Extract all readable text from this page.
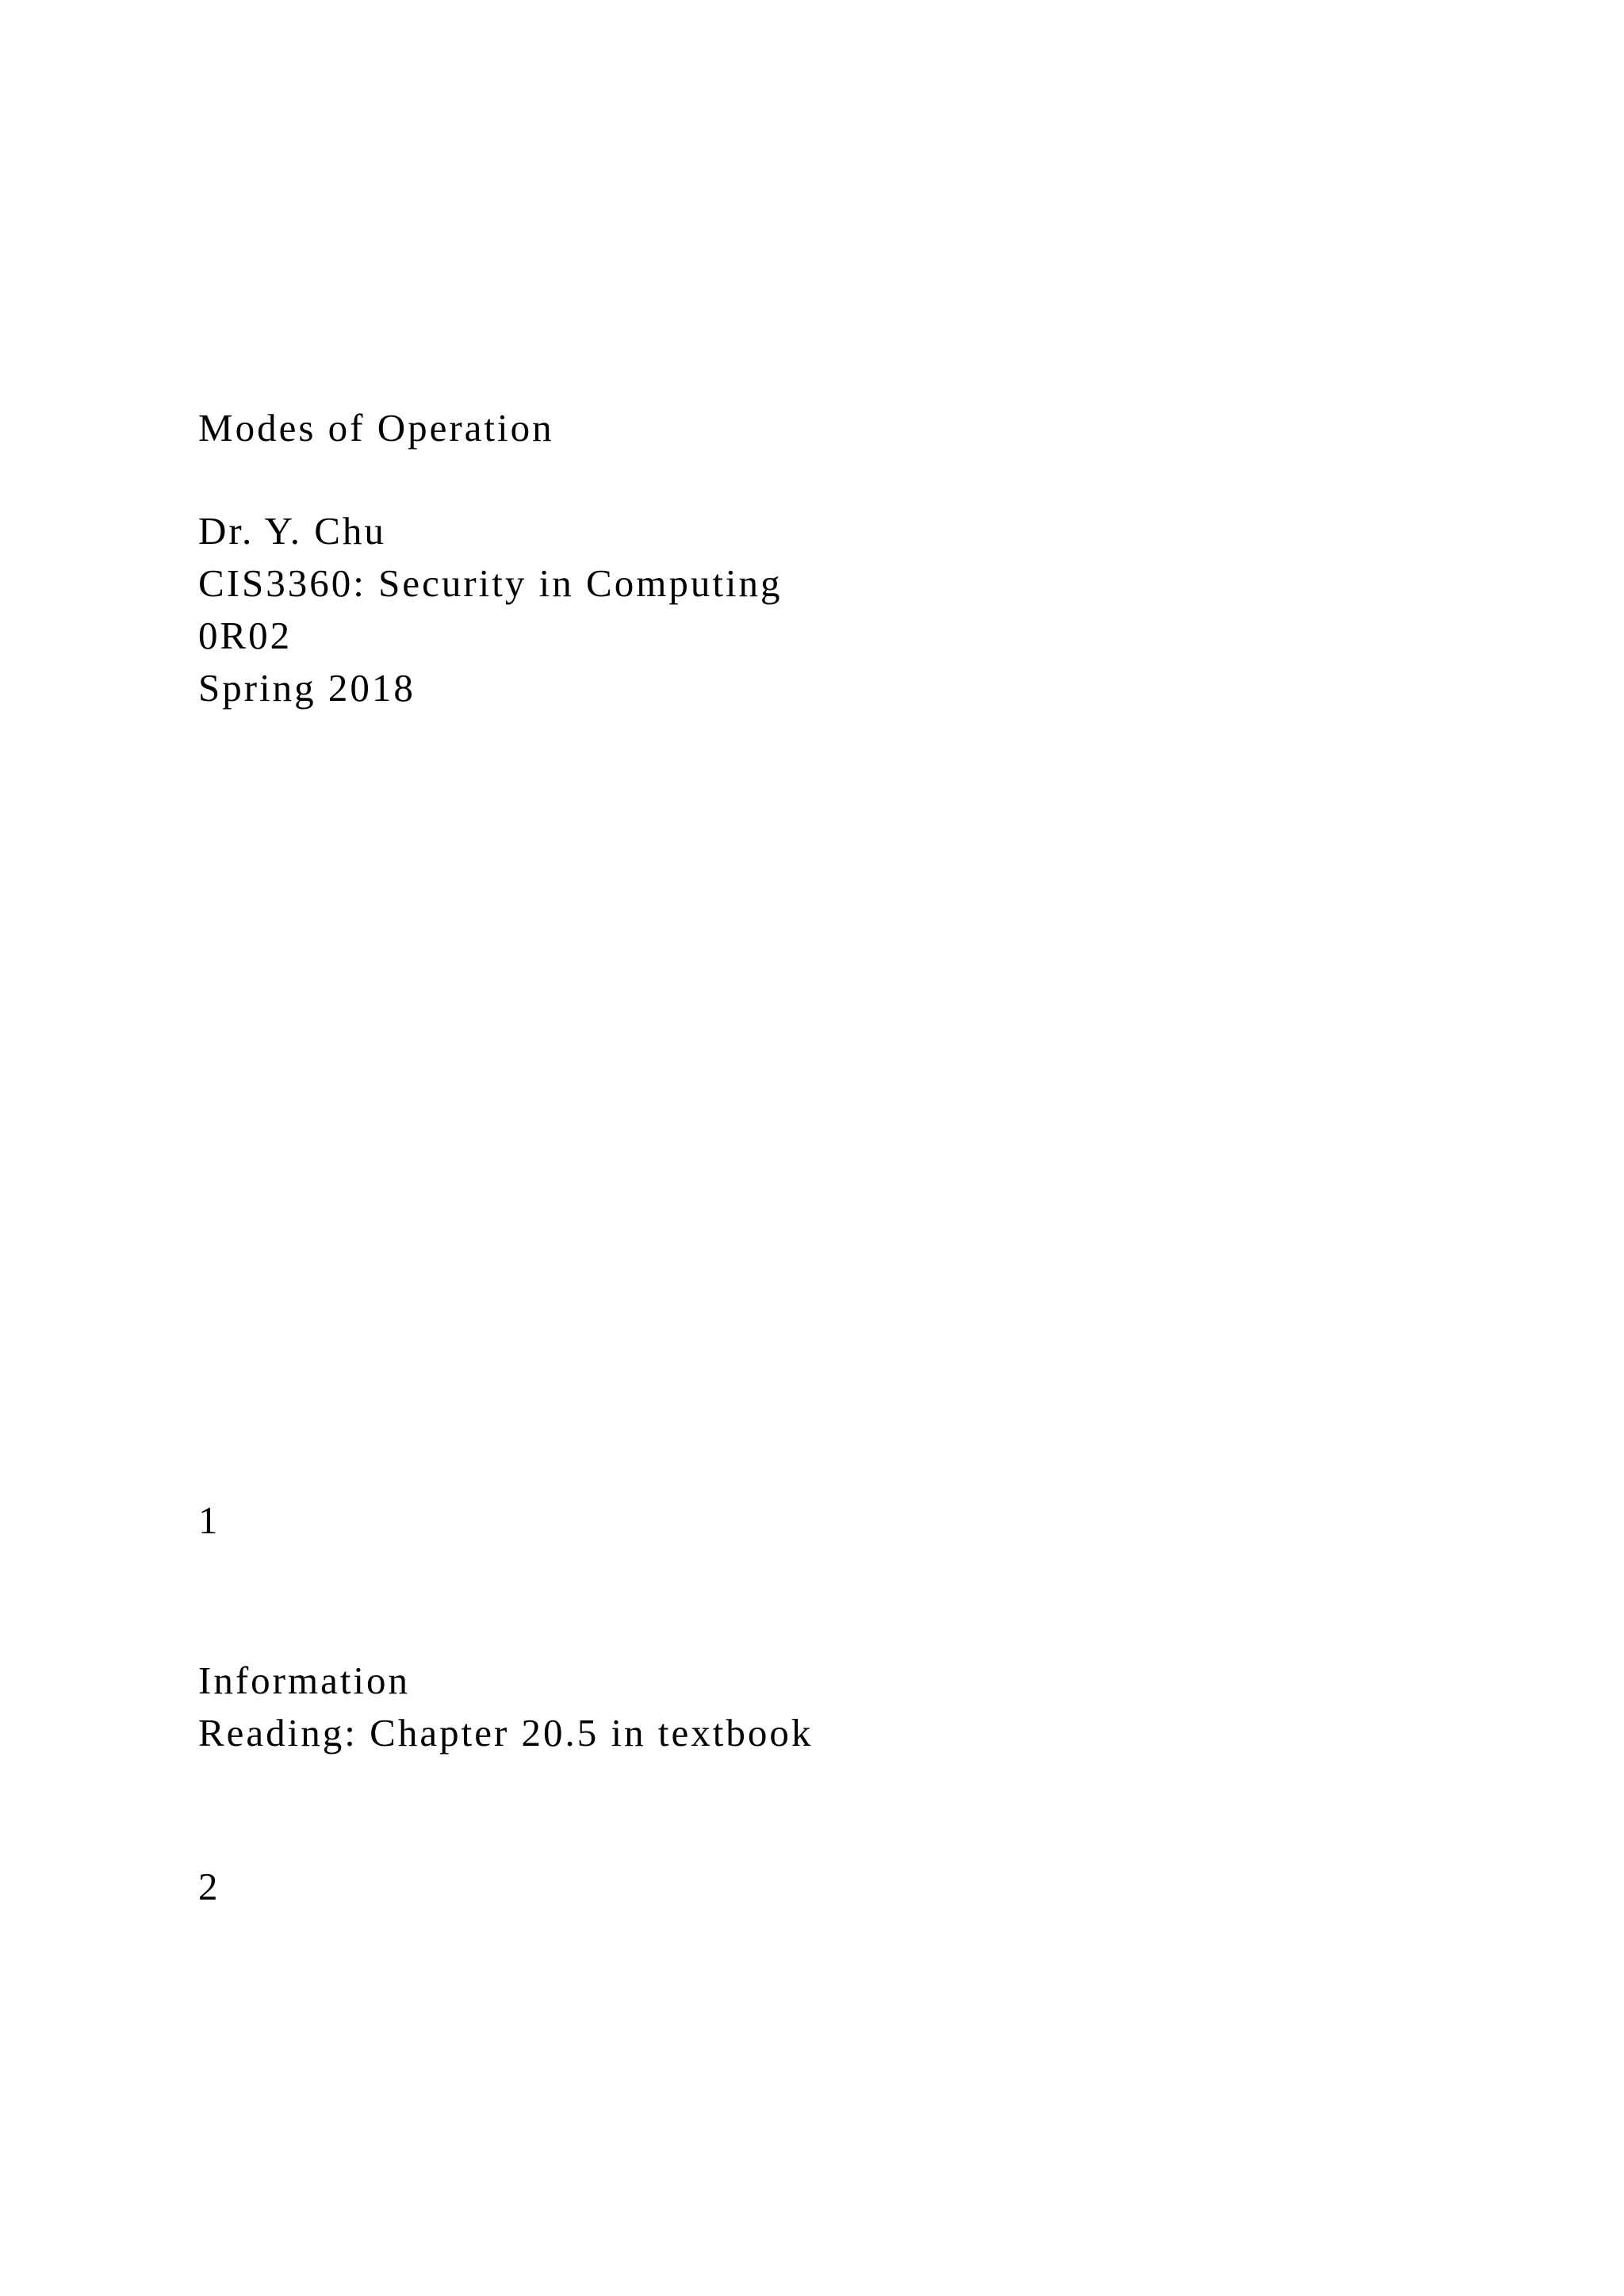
Modes of Operation
Dr. Y. Chu
CIS3360: Security in Computing
0R02
Spring 2018
1
Information
Reading: Chapter 20.5 in textbook
2
